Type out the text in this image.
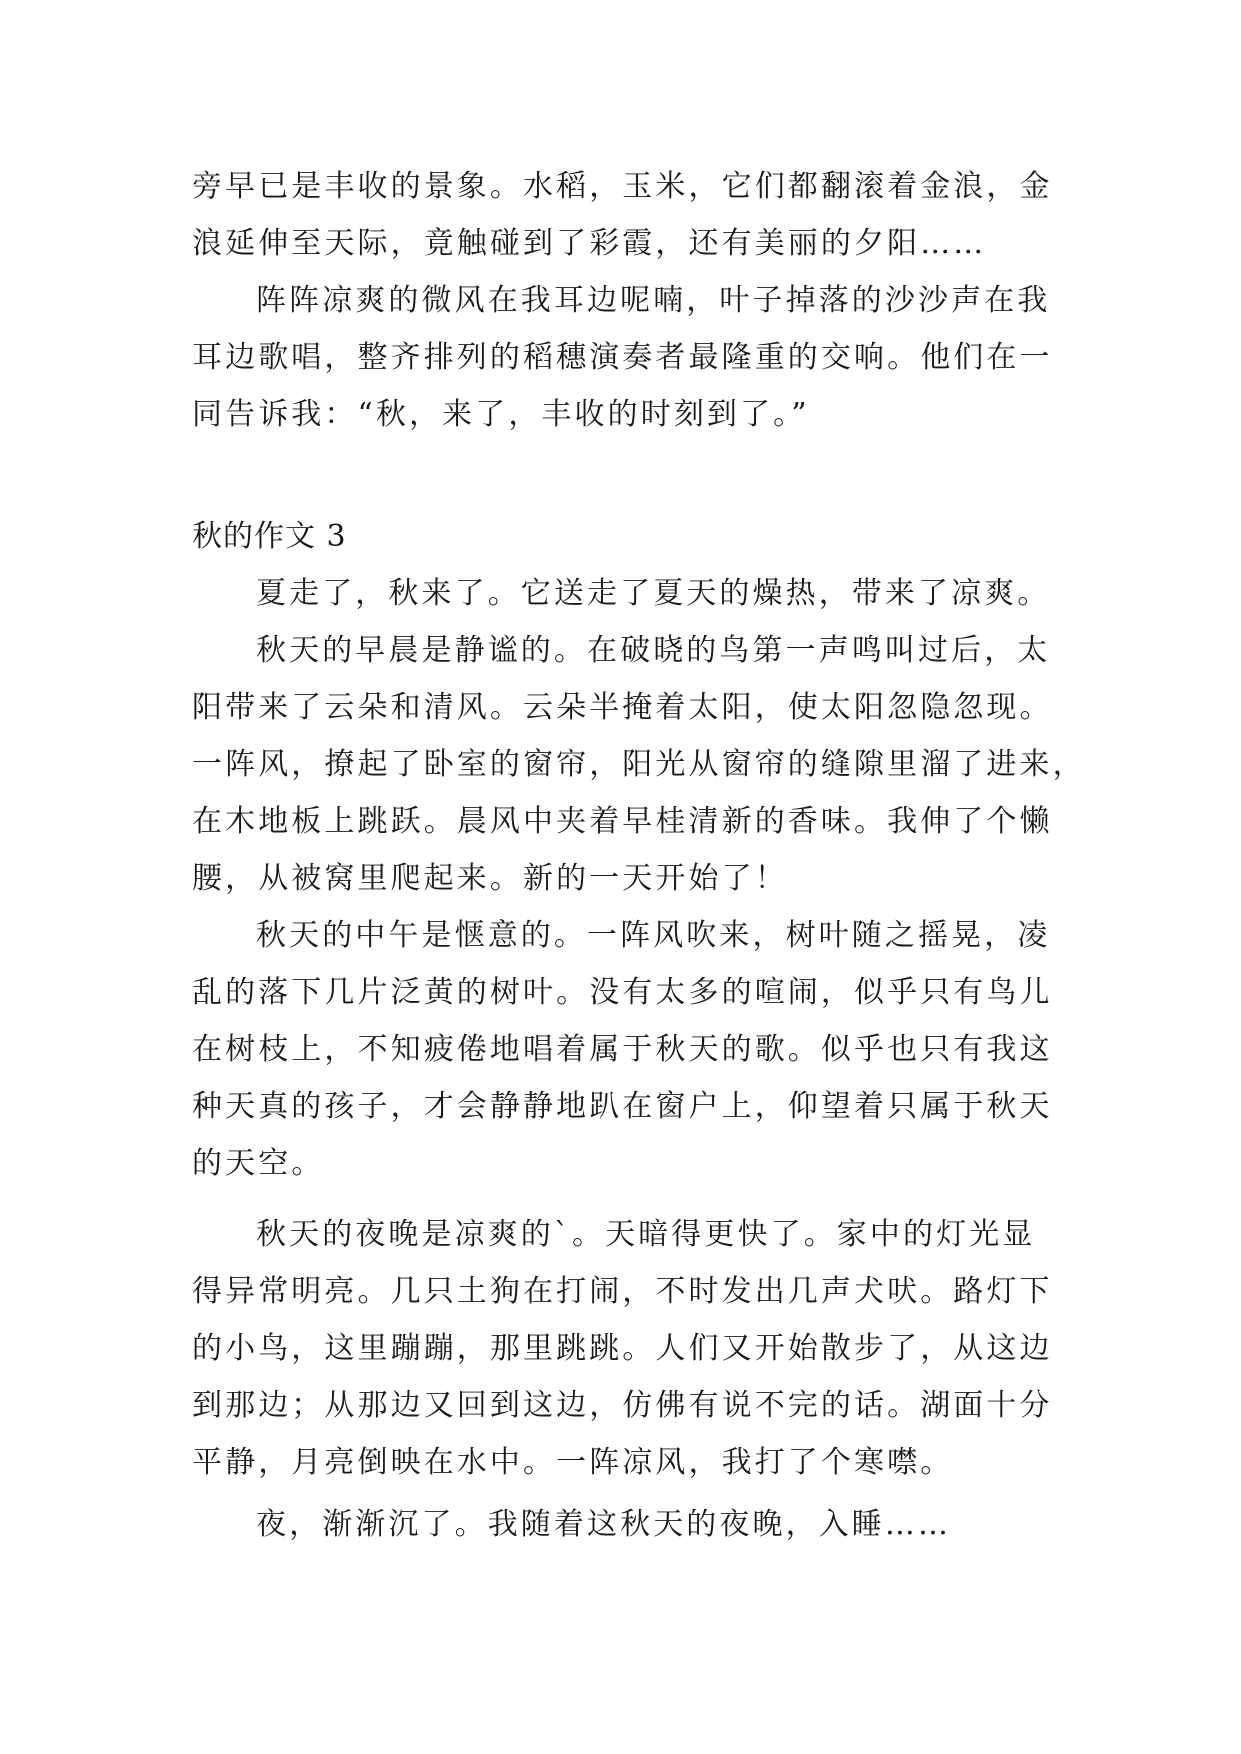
旁早已是丰收的景象。水稻，玉米，它们都翻滚着金浪，金
浪延伸至天际，竟触碰到了彩霞，还有美丽的夕阳……
阵阵凉爽的微风在我耳边呢喃，叶子掉落的沙沙声在我
耳边歌唱，整齐排列的稻穗演奏者最隆重的交响。他们在一
同告诉我：“秋，来了，丰收的时刻到了。”
秋的作文 3
夏走了，秋来了。它送走了夏天的燥热，带来了凉爽。
秋天的早晨是静谧的。在破晓的鸟第一声鸣叫过后，太
阳带来了云朵和清风。云朵半掩着太阳，使太阳忽隐忽现。
一阵风，撩起了卧室的窗帘，阳光从窗帘的缝隙里溜了进来，
在木地板上跳跃。晨风中夹着早桂清新的香味。我伸了个懒
腰，从被窝里爬起来。新的一天开始了！
秋天的中午是惬意的。一阵风吹来，树叶随之摇晃，凌
乱的落下几片泛黄的树叶。没有太多的喧闹，似乎只有鸟儿
在树枝上，不知疲倦地唱着属于秋天的歌。似乎也只有我这
种天真的孩子，才会静静地趴在窗户上，仰望着只属于秋天
的天空。
秋天的夜晚是凉爽的`。天暗得更快了。家中的灯光显
得异常明亮。几只土狗在打闹，不时发出几声犬吠。路灯下
的小鸟，这里蹦蹦，那里跳跳。人们又开始散步了，从这边
到那边；从那边又回到这边，仿佛有说不完的话。湖面十分
平静，月亮倒映在水中。一阵凉风，我打了个寒噤。
夜，渐渐沉了。我随着这秋天的夜晚，入睡……
